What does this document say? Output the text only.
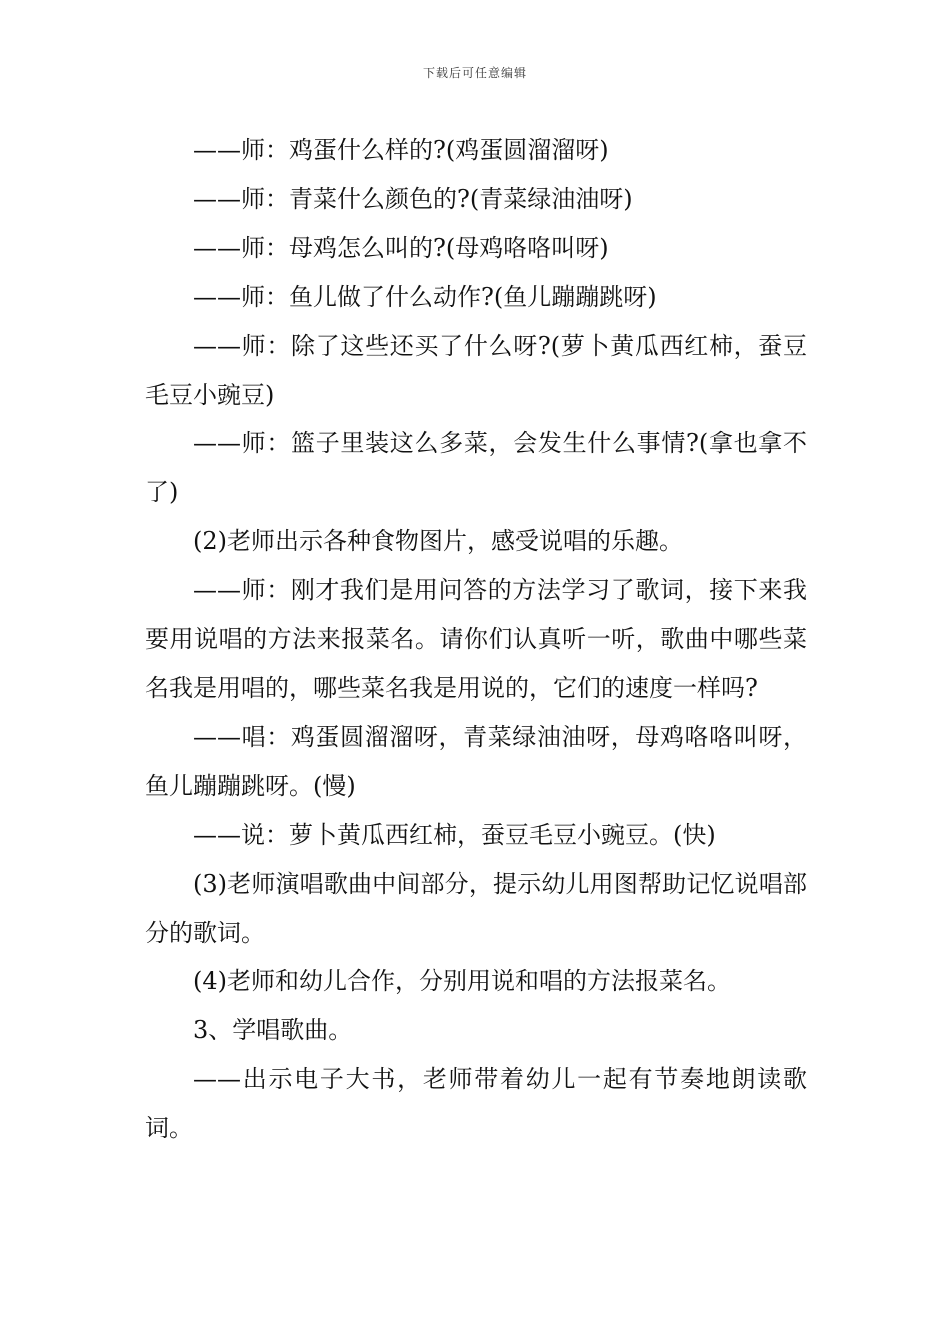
下载后可任意编辑

——师：鸡蛋什么样的?(鸡蛋圆溜溜呀)

——师：青菜什么颜色的?(青菜绿油油呀)

——师：母鸡怎么叫的?(母鸡咯咯叫呀)

——师：鱼儿做了什么动作?(鱼儿蹦蹦跳呀)

——师：除了这些还买了什么呀?(萝卜黄瓜西红柿，蚕豆毛豆小豌豆)

——师：篮子里装这么多菜，会发生什么事情?(拿也拿不了)

(2)老师出示各种食物图片，感受说唱的乐趣。

——师：刚才我们是用问答的方法学习了歌词，接下来我要用说唱的方法来报菜名。请你们认真听一听，歌曲中哪些菜名我是用唱的，哪些菜名我是用说的，它们的速度一样吗?

——唱：鸡蛋圆溜溜呀，青菜绿油油呀，母鸡咯咯叫呀，鱼儿蹦蹦跳呀。(慢)

——说：萝卜黄瓜西红柿，蚕豆毛豆小豌豆。(快)

(3)老师演唱歌曲中间部分，提示幼儿用图帮助记忆说唱部分的歌词。

(4)老师和幼儿合作，分别用说和唱的方法报菜名。

3、学唱歌曲。

——出示电子大书，老师带着幼儿一起有节奏地朗读歌词。
